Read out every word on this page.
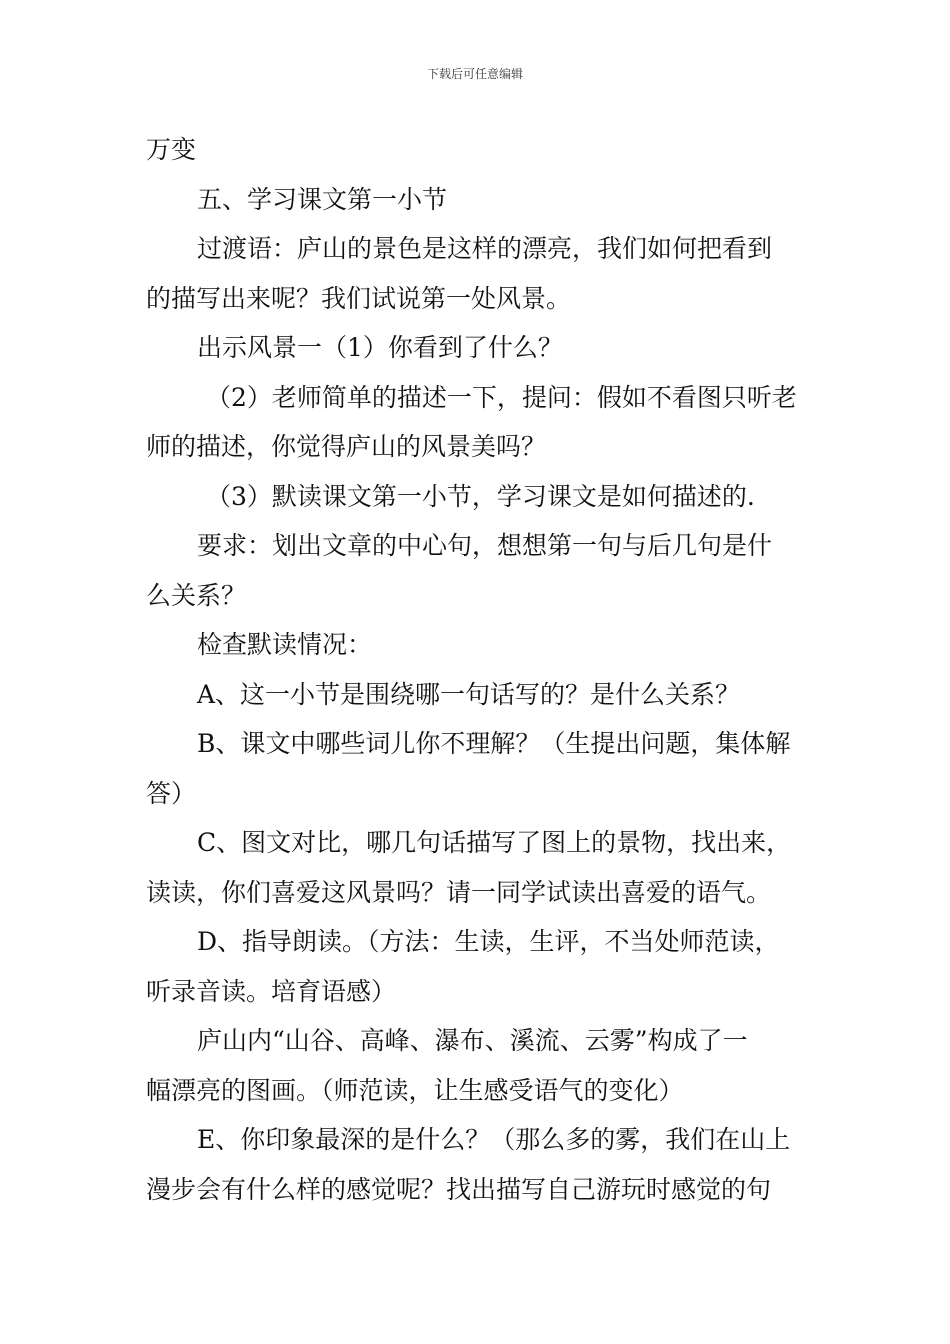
下载后可任意编辑
万变
五、学习课文第一小节
过渡语：庐山的景色是这样的漂亮，我们如何把看到
的描写出来呢？我们试说第一处风景。
出示风景一（1）你看到了什么？
（2）老师简单的描述一下，提问：假如不看图只听老
师的描述，你觉得庐山的风景美吗？
（3）默读课文第一小节，学习课文是如何描述的.
要求：划出文章的中心句，想想第一句与后几句是什
么关系？
检查默读情况：
A、这一小节是围绕哪一句话写的？是什么关系？
B、课文中哪些词儿你不理解？（生提出问题，集体解
答）
C、图文对比，哪几句话描写了图上的景物，找出来，
读读，你们喜爱这风景吗？请一同学试读出喜爱的语气。
D、指导朗读。（方法：生读，生评，不当处师范读，
听录音读。培育语感）
庐山内“山谷、高峰、瀑布、溪流、云雾”构成了一
幅漂亮的图画。（师范读，让生感受语气的变化）
E、你印象最深的是什么？（那么多的雾，我们在山上
漫步会有什么样的感觉呢？找出描写自己游玩时感觉的句
